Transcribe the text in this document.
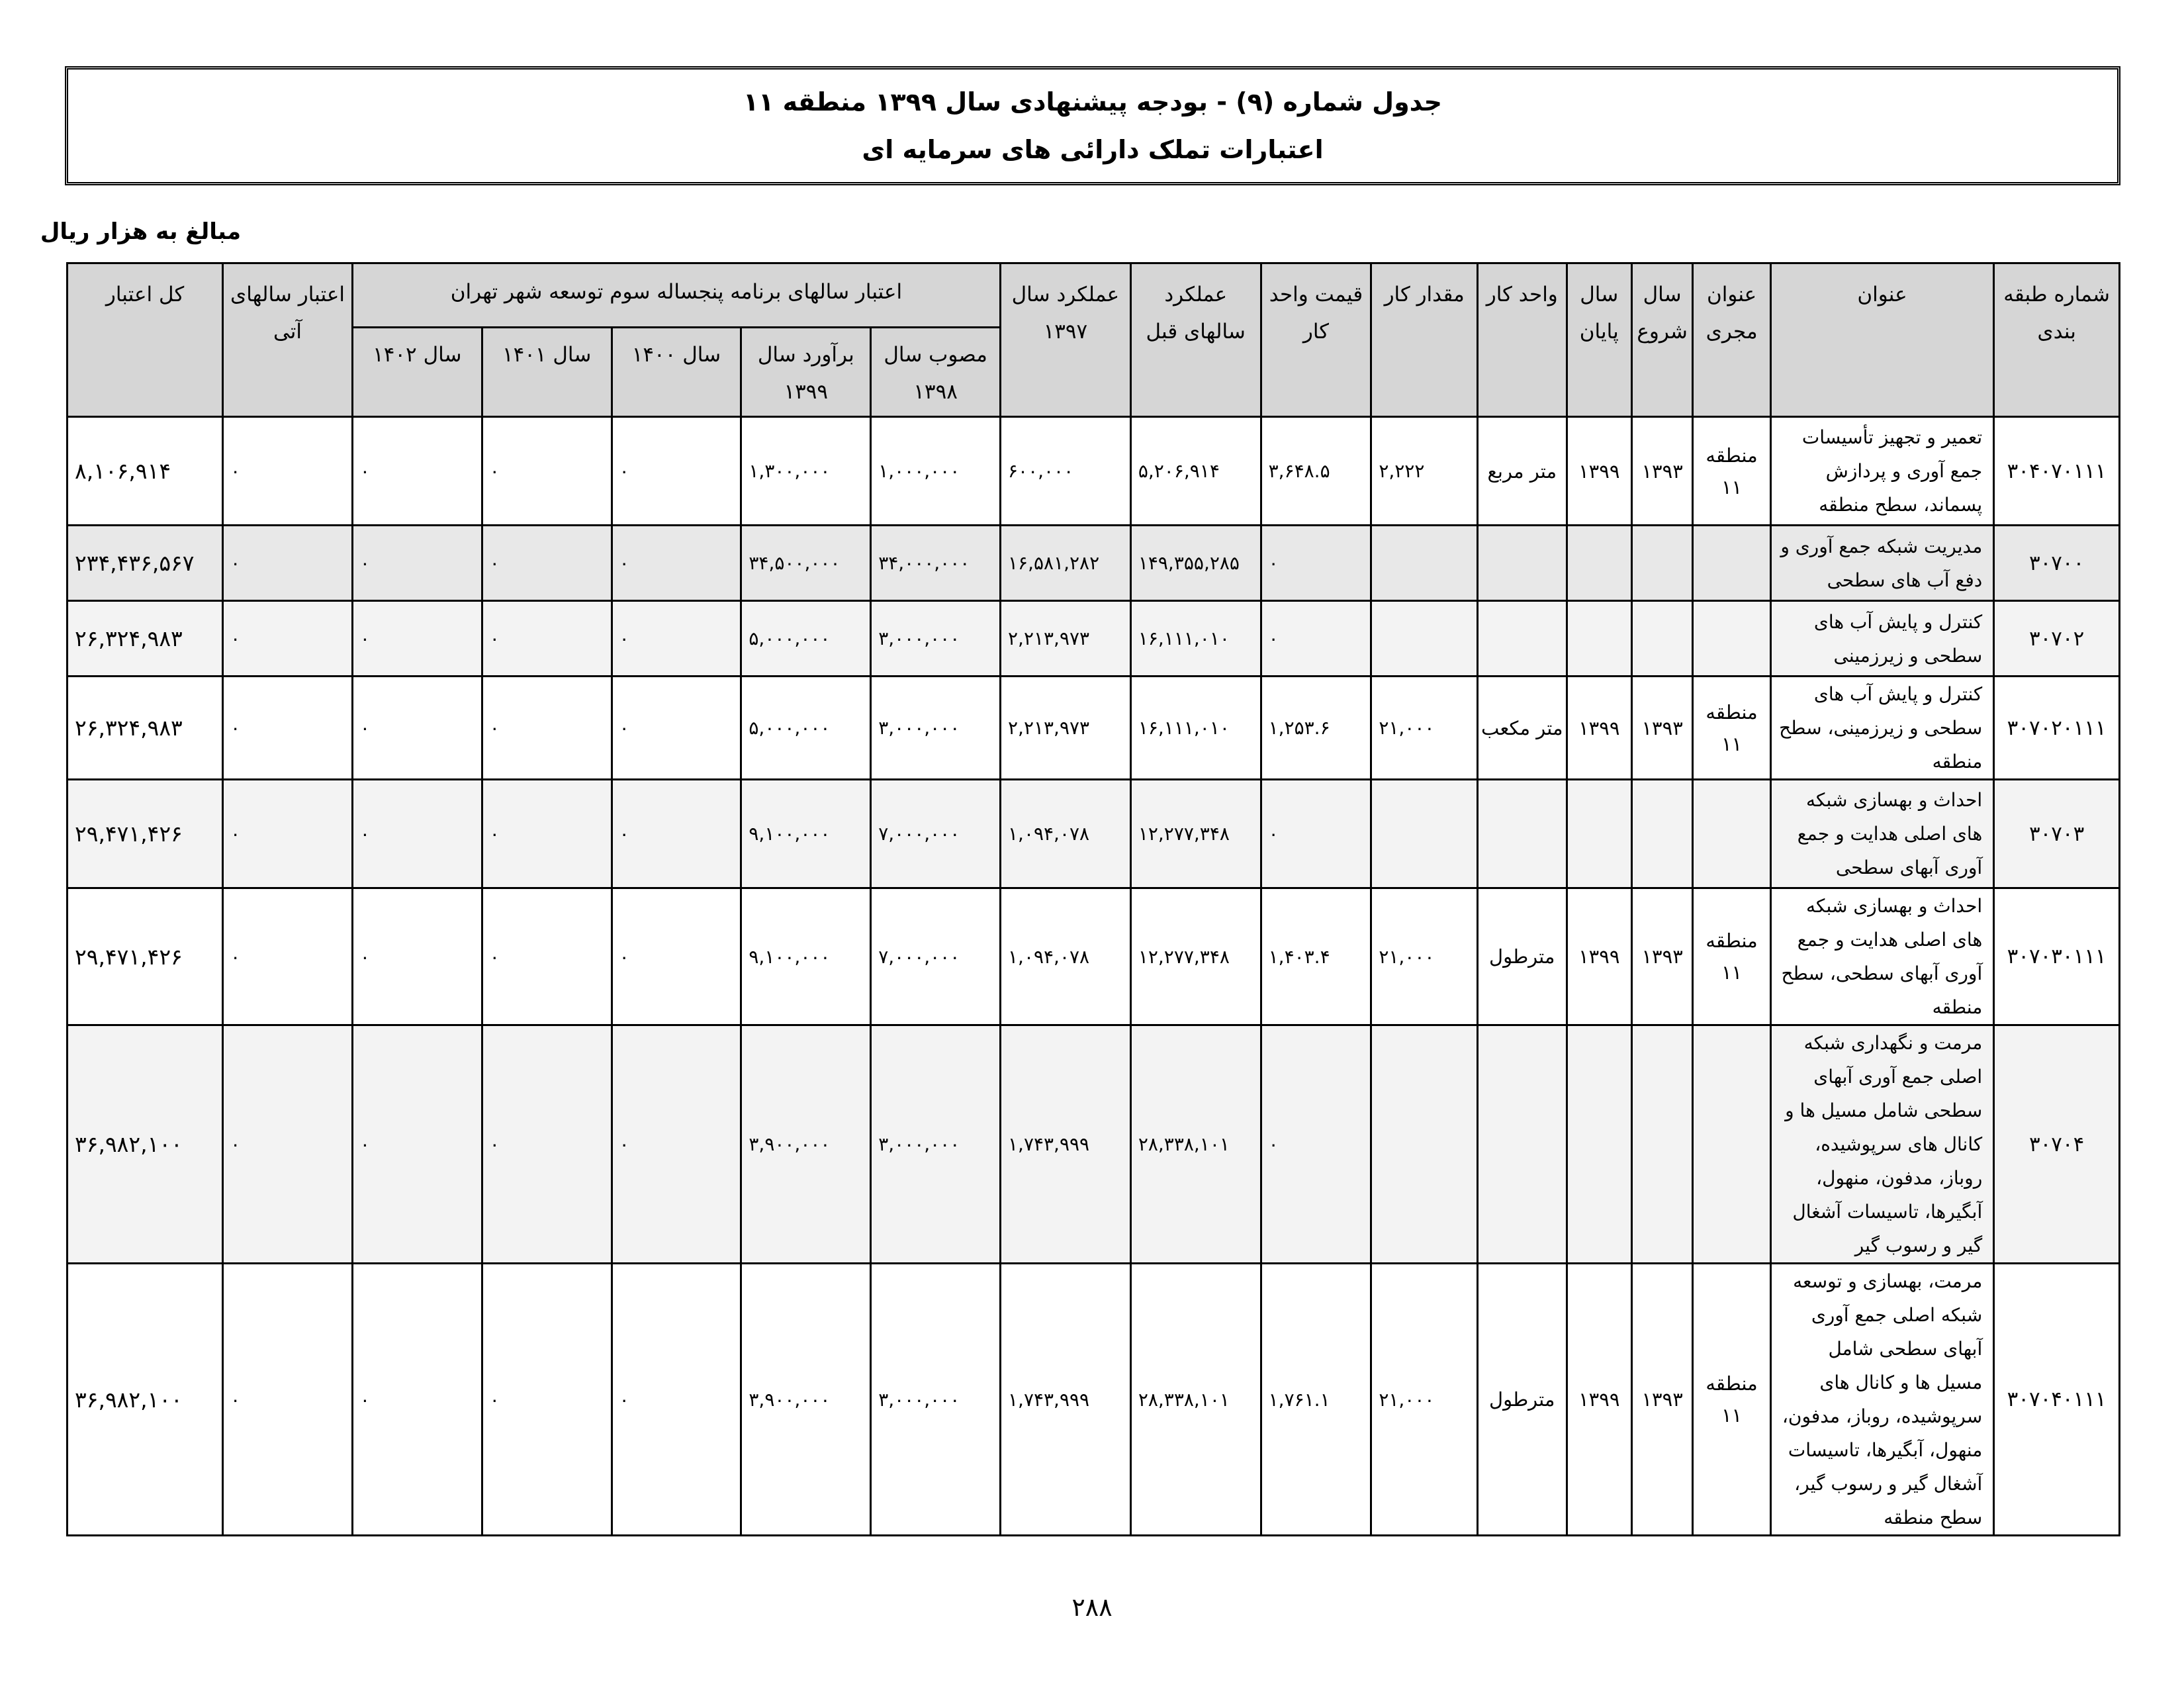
جدول شماره (۹) - بودجه پیشنهادی سال ۱۳۹۹ منطقه ۱۱
اعتبارات تملک دارائی های سرمایه ای
مبالغ به هزار ریال
شماره طبقه بندی	عنوان	عنوان مجری	سال شروع	سال پایان	واحد کار	مقدار کار	قیمت واحد کار	عملکرد سالهای قبل	عملکرد سال ۱۳۹۷	اعتبار سالهای برنامه پنجساله سوم توسعه شهر تهران					اعتبار سالهای آتی	کل اعتبار
										مصوب سال ۱۳۹۸	برآورد سال ۱۳۹۹	سال ۱۴۰۰	سال ۱۴۰۱	سال ۱۴۰۲		
۳۰۴۰۷۰۱۱۱	تعمیر و تجهیز تأسیسات جمع آوری و پردازش پسماند، سطح منطقه	منطقه ۱۱	۱۳۹۳	۱۳۹۹	متر مربع	۲,۲۲۲	۳,۶۴۸.۵	۵,۲۰۶,۹۱۴	۶۰۰,۰۰۰	۱,۰۰۰,۰۰۰	۱,۳۰۰,۰۰۰	۰	۰	۰	۰	۸,۱۰۶,۹۱۴
۳۰۷۰۰	مدیریت شبکه جمع آوری و دفع آب های سطحی						۰	۱۴۹,۳۵۵,۲۸۵	۱۶,۵۸۱,۲۸۲	۳۴,۰۰۰,۰۰۰	۳۴,۵۰۰,۰۰۰	۰	۰	۰	۰	۲۳۴,۴۳۶,۵۶۷
۳۰۷۰۲	کنترل و پایش آب های سطحی و زیرزمینی						۰	۱۶,۱۱۱,۰۱۰	۲,۲۱۳,۹۷۳	۳,۰۰۰,۰۰۰	۵,۰۰۰,۰۰۰	۰	۰	۰	۰	۲۶,۳۲۴,۹۸۳
۳۰۷۰۲۰۱۱۱	کنترل و پایش آب های سطحی و زیرزمینی، سطح منطقه	منطقه ۱۱	۱۳۹۳	۱۳۹۹	متر مکعب	۲۱,۰۰۰	۱,۲۵۳.۶	۱۶,۱۱۱,۰۱۰	۲,۲۱۳,۹۷۳	۳,۰۰۰,۰۰۰	۵,۰۰۰,۰۰۰	۰	۰	۰	۰	۲۶,۳۲۴,۹۸۳
۳۰۷۰۳	احداث و بهسازی شبکه های اصلی هدایت و جمع آوری آبهای سطحی						۰	۱۲,۲۷۷,۳۴۸	۱,۰۹۴,۰۷۸	۷,۰۰۰,۰۰۰	۹,۱۰۰,۰۰۰	۰	۰	۰	۰	۲۹,۴۷۱,۴۲۶
۳۰۷۰۳۰۱۱۱	احداث و بهسازی شبکه های اصلی هدایت و جمع آوری آبهای سطحی، سطح منطقه	منطقه ۱۱	۱۳۹۳	۱۳۹۹	مترطول	۲۱,۰۰۰	۱,۴۰۳.۴	۱۲,۲۷۷,۳۴۸	۱,۰۹۴,۰۷۸	۷,۰۰۰,۰۰۰	۹,۱۰۰,۰۰۰	۰	۰	۰	۰	۲۹,۴۷۱,۴۲۶
۳۰۷۰۴	مرمت و نگهداری شبکه اصلی جمع آوری آبهای سطحی شامل مسیل ها و کانال های سرپوشیده، روباز، مدفون، منهول، آبگیرها، تاسیسات آشغال گیر و رسوب گیر						۰	۲۸,۳۳۸,۱۰۱	۱,۷۴۳,۹۹۹	۳,۰۰۰,۰۰۰	۳,۹۰۰,۰۰۰	۰	۰	۰	۰	۳۶,۹۸۲,۱۰۰
۳۰۷۰۴۰۱۱۱	مرمت، بهسازی و توسعه شبکه اصلی جمع آوری آبهای سطحی شامل مسیل ها و کانال های سرپوشیده، روباز، مدفون، منهول، آبگیرها، تاسیسات آشغال گیر و رسوب گیر، سطح منطقه	منطقه ۱۱	۱۳۹۳	۱۳۹۹	مترطول	۲۱,۰۰۰	۱,۷۶۱.۱	۲۸,۳۳۸,۱۰۱	۱,۷۴۳,۹۹۹	۳,۰۰۰,۰۰۰	۳,۹۰۰,۰۰۰	۰	۰	۰	۰	۳۶,۹۸۲,۱۰۰
۲۸۸
